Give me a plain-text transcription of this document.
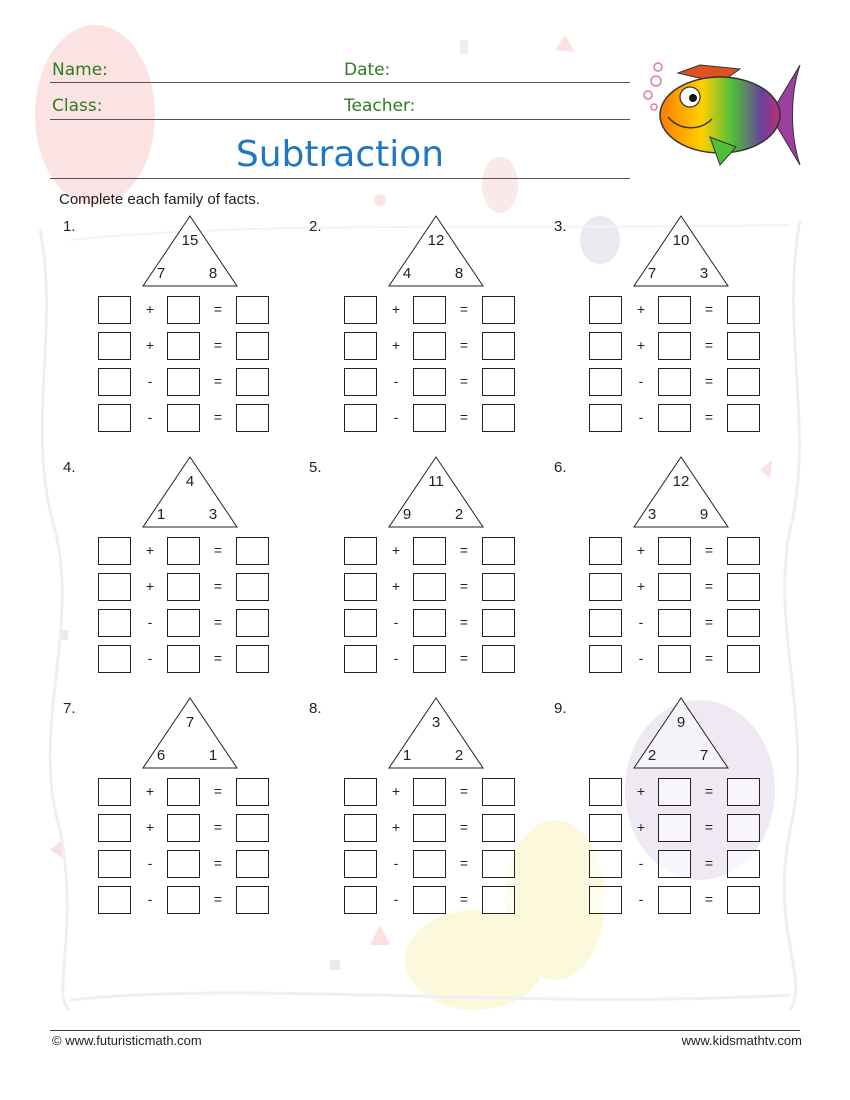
Name:	Date:
Class:	Teacher:
Subtraction
Complete each family of facts.
1.
15
7	8
+	=
+	=
-	=
-	=
2.
12
4	8
+	=
+	=
-	=
-	=
3.
10
7	3
+	=
+	=
-	=
-	=
4.
4
1	3
+	=
+	=
-	=
-	=
5.
11
9	2
+	=
+	=
-	=
-	=
6.
12
3	9
+	=
+	=
-	=
-	=
7.
7
6	1
+	=
+	=
-	=
-	=
8.
3
1	2
+	=
+	=
-	=
-	=
9.
9
2	7
+	=
+	=
-	=
-	=
© www.futuristicmath.com	www.kidsmathtv.com
